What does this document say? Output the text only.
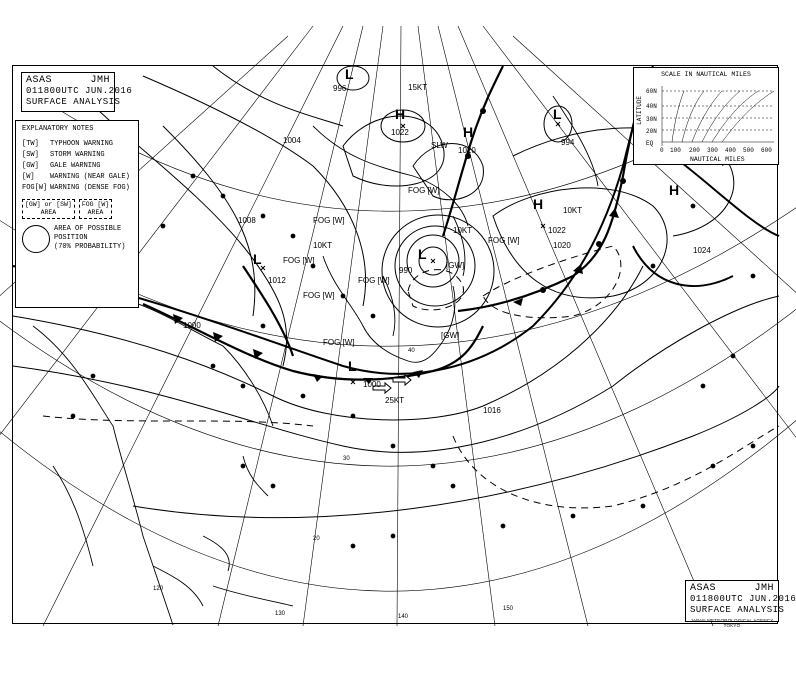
L
H
H
H
L
L
L
L
H
990
1022
1020
1022
994
996
1012
1000
1000
1004
1008
1020
1024
1016
FOG [W]
FOG [W]
FOG [W]
FOG [W]
FOG [W]
FOG [W]
FOG [W]
[GW]
[GW]
SLW
10KT
10KT
10KT
15KT
25KT
140
150
130
120
40
20
30
ASAS	JMH
011800UTC JUN.2016
SURFACE ANALYSIS
EXPLANATORY NOTES
[TW]	TYPHOON WARNING
[SW]	STORM WARNING
[GW]	GALE WARNING
[W]	WARNING (NEAR GALE)
FOG[W] WARNING (DENSE FOG)
[GW] or [SW]
AREA
FOG [W]
AREA
AREA OF POSSIBLE POSITION
(70% PROBABILITY)
SCALE IN NAUTICAL MILES
LATITUDE
60N
40N
30N
20N
EQ
0 100 200 300 400 500 600
NAUTICAL MILES
ASAS	JMH
011800UTC JUN.2016
SURFACE ANALYSIS
JAPAN METEOROLOGICAL AGENCY TOKYO
